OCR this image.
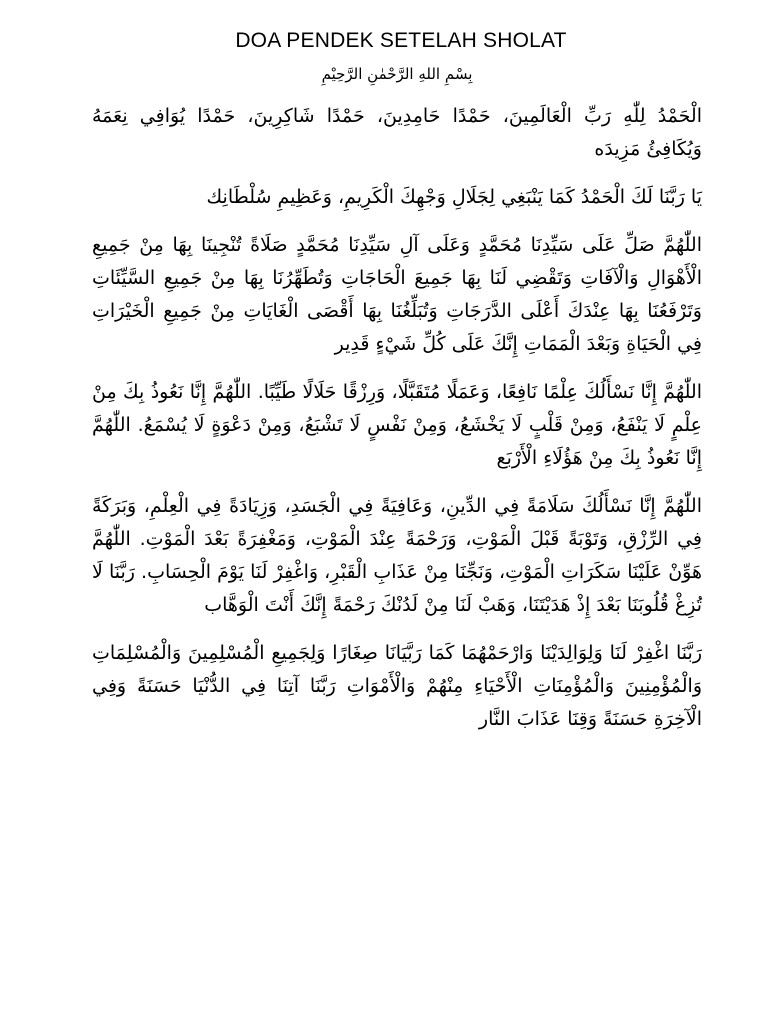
DOA PENDEK SETELAH SHOLAT
بِسْمِ اللهِ الرَّحْمٰنِ الرَّحِيْمِ

الْحَمْدُ لِلّٰهِ رَبِّ الْعَالَمِينَ، حَمْدًا حَامِدِينَ، حَمْدًا شَاكِرِينَ، حَمْدًا يُوَافِي نِعَمَهُ وَيُكَافِئُ مَزِيدَه

يَا رَبَّنَا لَكَ الْحَمْدُ كَمَا يَنْبَغِي لِجَلَالِ وَجْهِكَ الْكَرِيمِ، وَعَظِيمِ سُلْطَانِك

اللّٰهُمَّ صَلِّ عَلَى سَيِّدِنَا مُحَمَّدٍ وَعَلَى آلِ سَيِّدِنَا مُحَمَّدٍ صَلَاةً تُنْجِينَا بِهَا مِنْ جَمِيعِ الْأَهْوَالِ وَالْآفَاتِ وَتَقْضِي لَنَا بِهَا جَمِيعَ الْحَاجَاتِ وَتُطَهِّرُنَا بِهَا مِنْ جَمِيعِ السَّيِّئَاتِ وَتَرْفَعُنَا بِهَا عِنْدَكَ أَعْلَى الدَّرَجَاتِ وَتُبَلِّغُنَا بِهَا أَقْصَى الْغَايَاتِ مِنْ جَمِيعِ الْخَيْرَاتِ فِي الْحَيَاةِ وَبَعْدَ الْمَمَاتِ إِنَّكَ عَلَى كُلِّ شَيْءٍ قَدِير

اللّٰهُمَّ إِنَّا نَسْأَلُكَ عِلْمًا نَافِعًا، وَعَمَلًا مُتَقَبَّلًا، وَرِزْقًا حَلَالًا طَيِّبًا. اللّٰهُمَّ إِنَّا نَعُوذُ بِكَ مِنْ عِلْمٍ لَا يَنْفَعُ، وَمِنْ قَلْبٍ لَا يَخْشَعُ، وَمِنْ نَفْسٍ لَا تَشْبَعُ، وَمِنْ دَعْوَةٍ لَا يُسْمَعُ. اللّٰهُمَّ إِنَّا نَعُوذُ بِكَ مِنْ هَؤُلَاءِ الْأَرْبَع

اللّٰهُمَّ إِنَّا نَسْأَلُكَ سَلَامَةً فِي الدِّينِ، وَعَافِيَةً فِي الْجَسَدِ، وَزِيَادَةً فِي الْعِلْمِ، وَبَرَكَةً فِي الرِّزْقِ، وَتَوْبَةً قَبْلَ الْمَوْتِ، وَرَحْمَةً عِنْدَ الْمَوْتِ، وَمَغْفِرَةً بَعْدَ الْمَوْتِ. اللّٰهُمَّ هَوِّنْ عَلَيْنَا سَكَرَاتِ الْمَوْتِ، وَنَجِّنَا مِنْ عَذَابِ الْقَبْرِ، وَاغْفِرْ لَنَا يَوْمَ الْحِسَابِ. رَبَّنَا لَا تُزِغْ قُلُوبَنَا بَعْدَ إِذْ هَدَيْتَنَا، وَهَبْ لَنَا مِنْ لَدُنْكَ رَحْمَةً إِنَّكَ أَنْتَ الْوَهَّاب

رَبَّنَا اغْفِرْ لَنَا وَلِوَالِدَيْنَا وَارْحَمْهُمَا كَمَا رَبَّيَانَا صِغَارًا وَلِجَمِيعِ الْمُسْلِمِينَ وَالْمُسْلِمَاتِ وَالْمُؤْمِنِينَ وَالْمُؤْمِنَاتِ الْأَحْيَاءِ مِنْهُمْ وَالْأَمْوَاتِ رَبَّنَا آتِنَا فِي الدُّنْيَا حَسَنَةً وَفِي الْآخِرَةِ حَسَنَةً وَقِنَا عَذَابَ النَّار
